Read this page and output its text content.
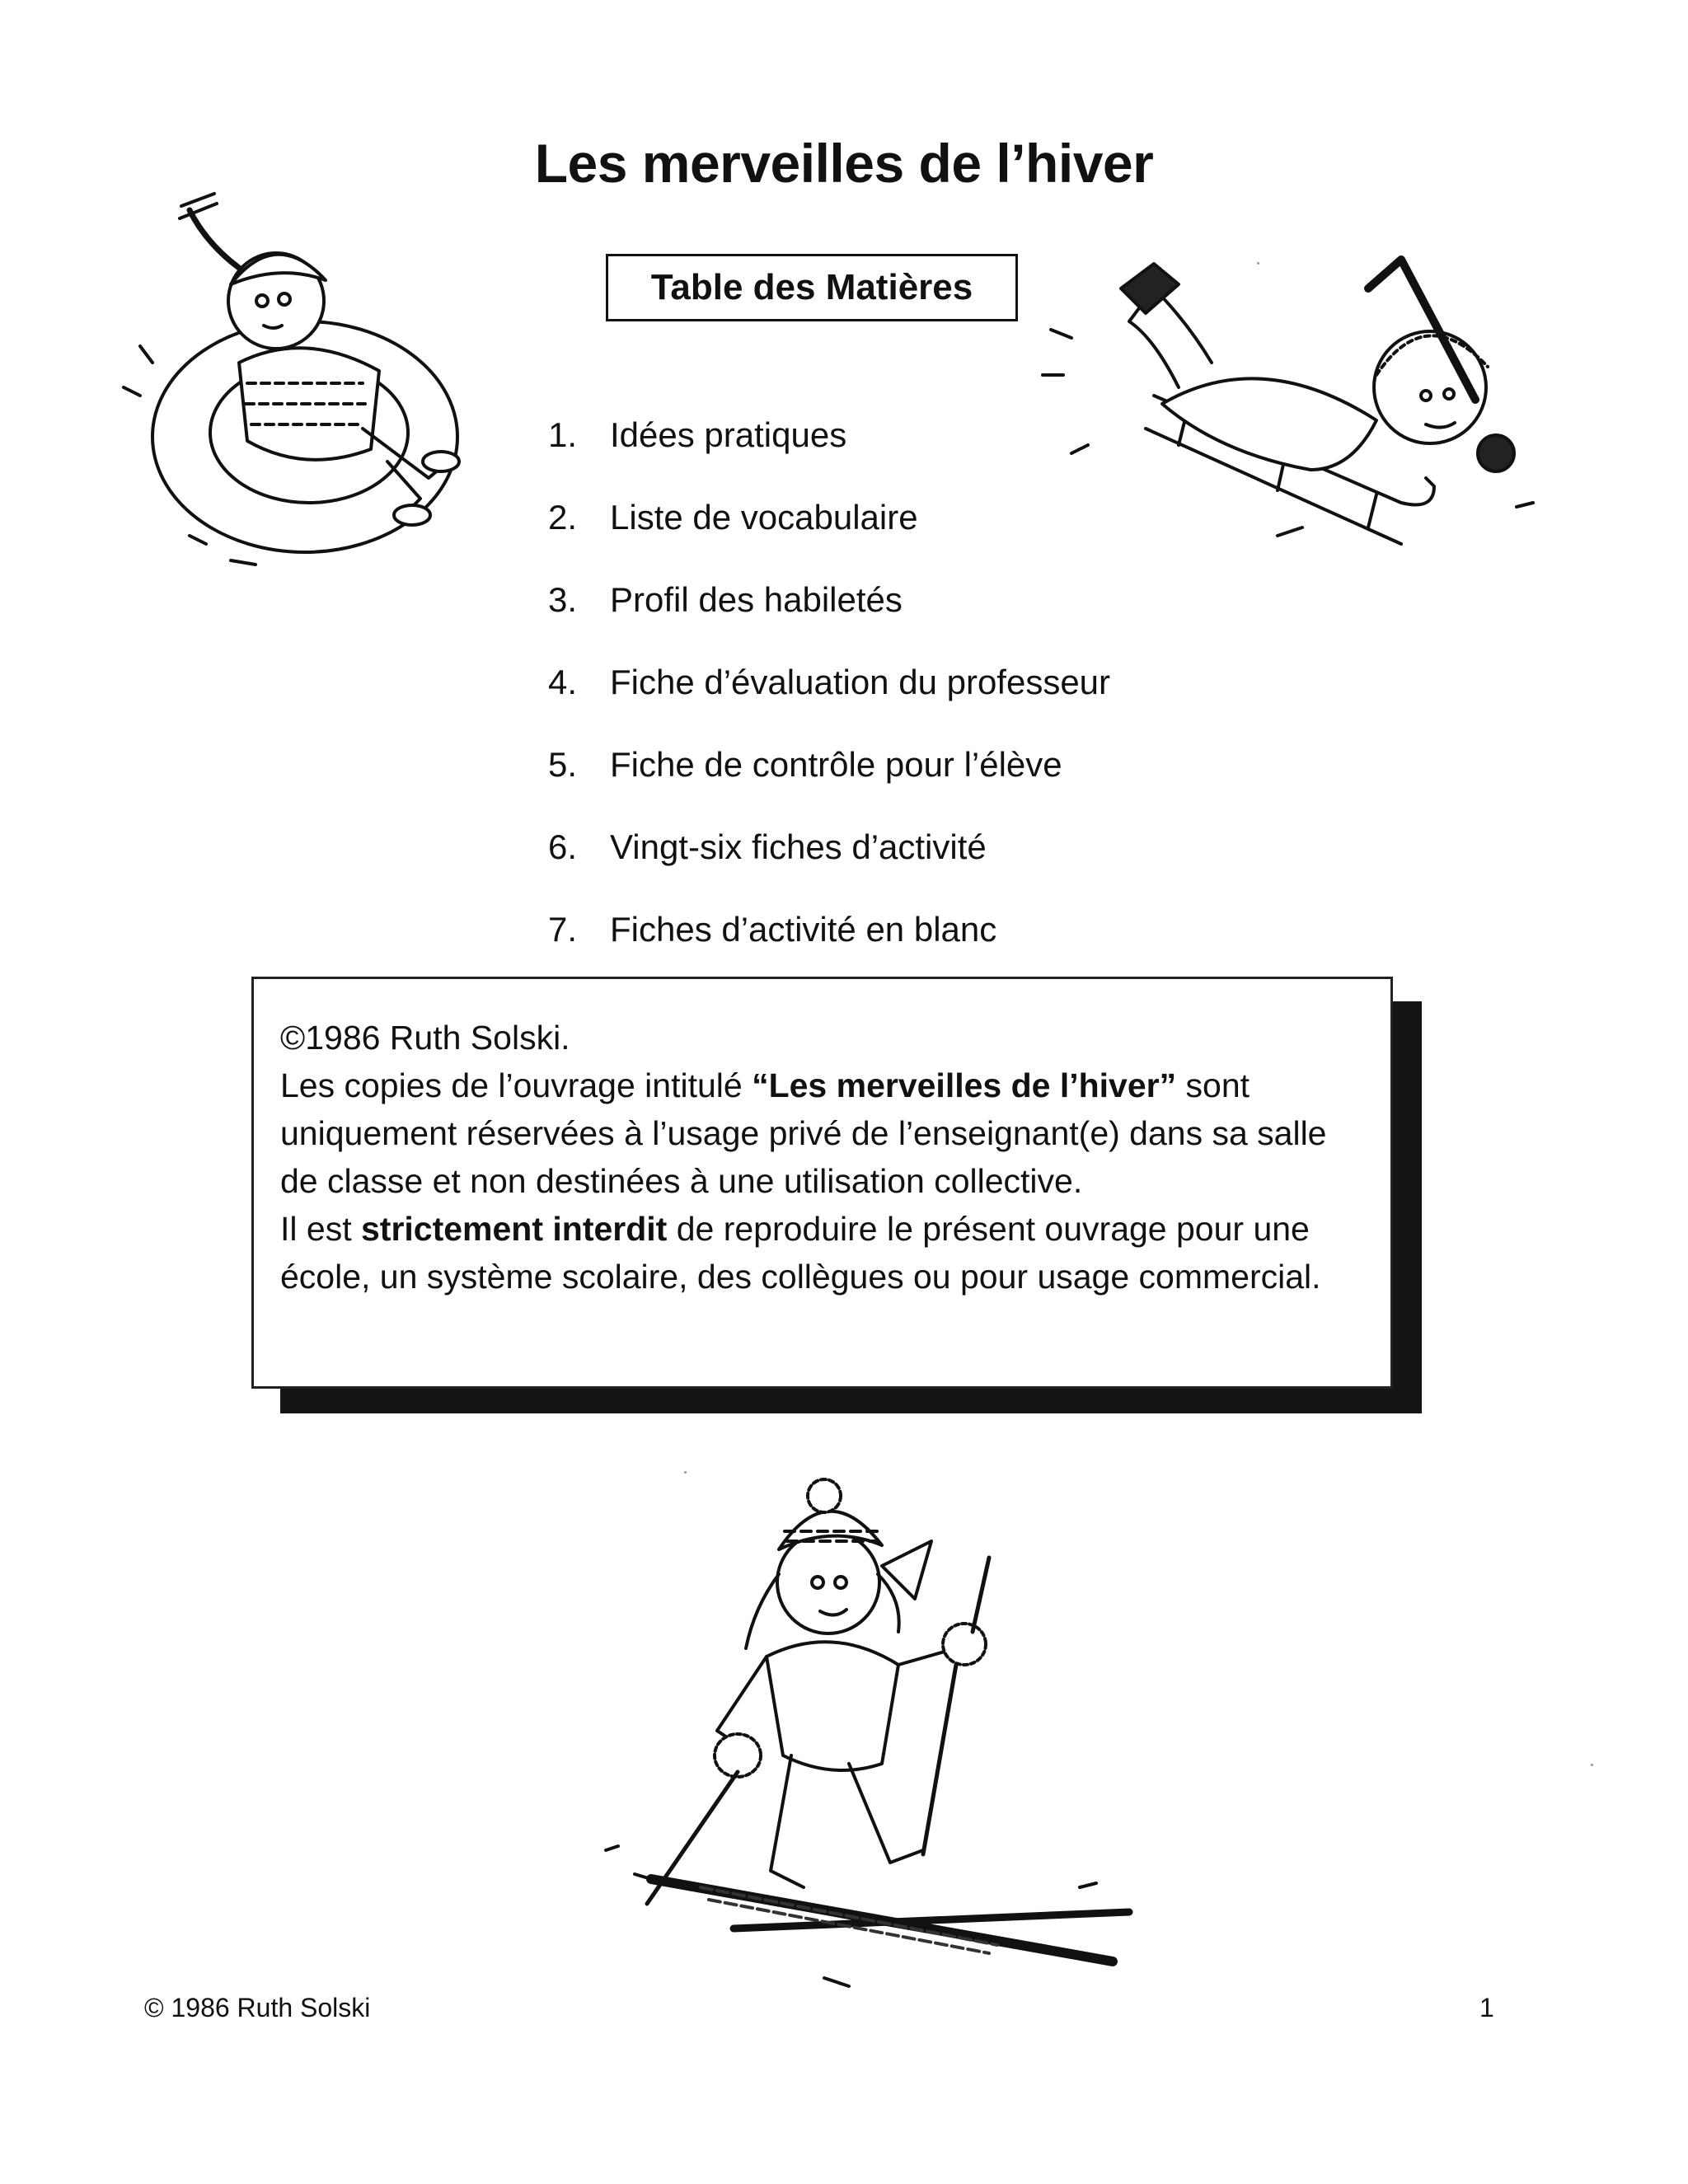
Les merveilles de l’hiver
Table des Matières
1. Idées pratiques
2. Liste de vocabulaire
3. Profil des habiletés
4. Fiche d’évaluation du professeur
5. Fiche de contrôle pour l’élève
6. Vingt-six fiches d’activité
7. Fiches d’activité en blanc

©1986 Ruth Solski.

Les copies de l’ouvrage intitulé “Les merveilles de l’hiver” sont uniquement réservées à l’usage privé de l’enseignant(e) dans sa salle de classe et non destinées à une utilisation collective.

Il est strictement interdit de reproduire le présent ouvrage pour une école, un système scolaire, des collègues ou pour usage commercial.

© 1986 Ruth Solski	1
